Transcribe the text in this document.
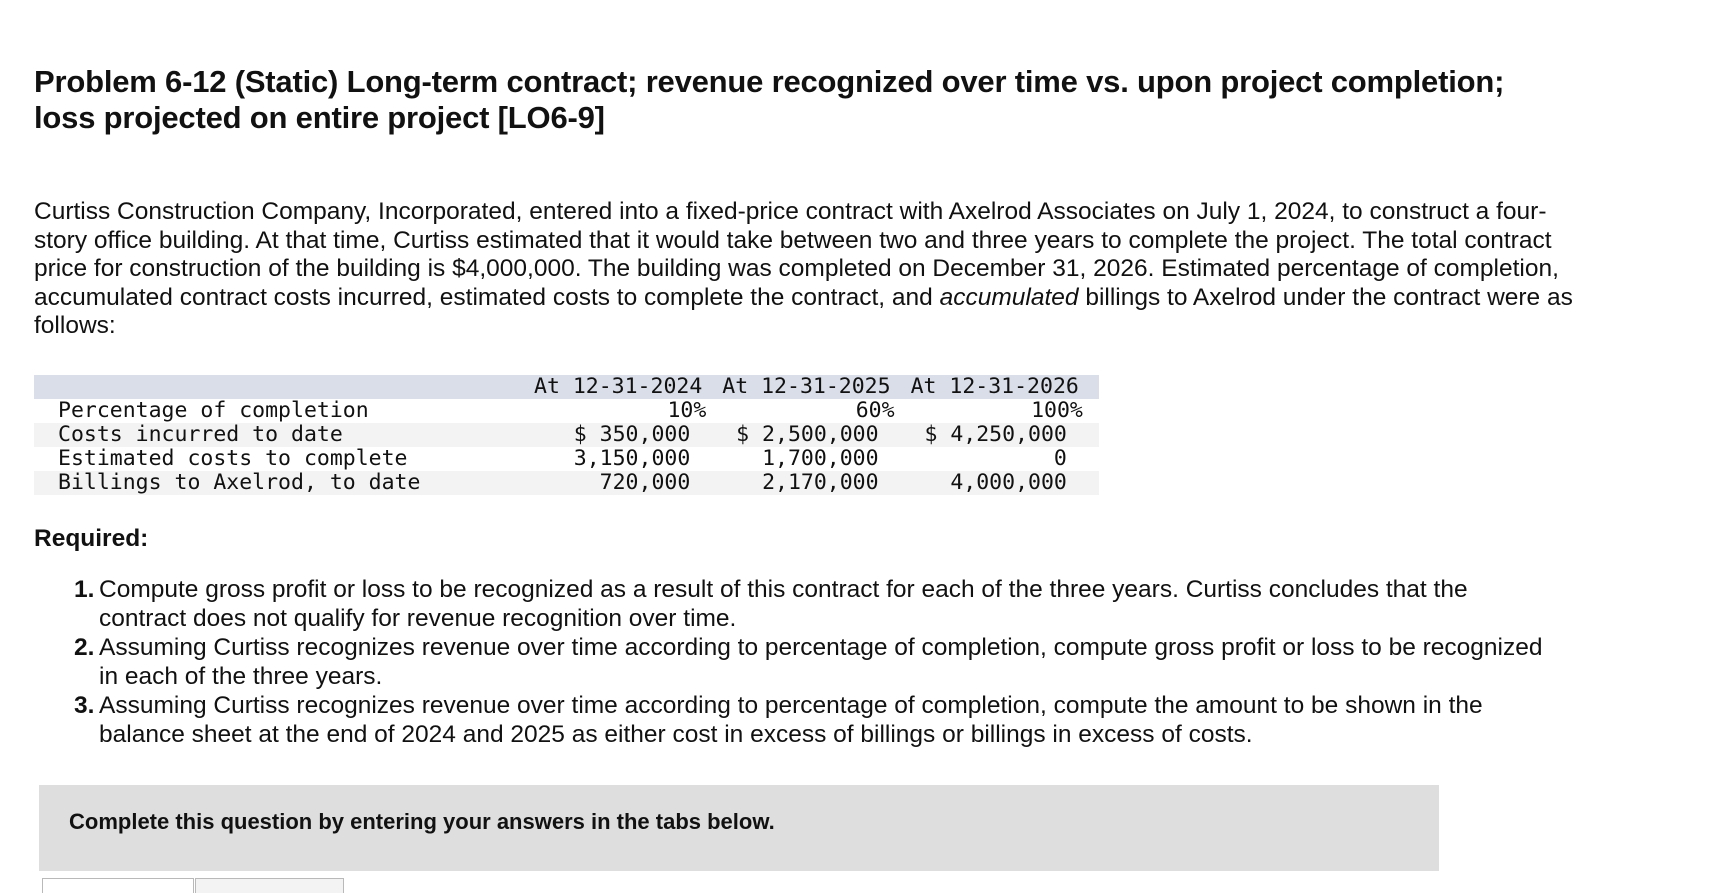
Problem 6-12 (Static) Long-term contract; revenue recognized over time vs. upon project completion;
loss projected on entire project [LO6-9]

Curtiss Construction Company, Incorporated, entered into a fixed-price contract with Axelrod Associates on July 1, 2024, to construct a four-story office building. At that time, Curtiss estimated that it would take between two and three years to complete the project. The total contract price for construction of the building is $4,000,000. The building was completed on December 31, 2026. Estimated percentage of completion, accumulated contract costs incurred, estimated costs to complete the contract, and accumulated billings to Axelrod under the contract were as follows:

	At 12-31-2024	At 12-31-2025	At 12-31-2026
Percentage of completion	10%	60%	100%
Costs incurred to date	$ 350,000	$ 2,500,000	$ 4,250,000
Estimated costs to complete	3,150,000	1,700,000	0
Billings to Axelrod, to date	720,000	2,170,000	4,000,000

Required:

1. Compute gross profit or loss to be recognized as a result of this contract for each of the three years. Curtiss concludes that the contract does not qualify for revenue recognition over time.
2. Assuming Curtiss recognizes revenue over time according to percentage of completion, compute gross profit or loss to be recognized in each of the three years.
3. Assuming Curtiss recognizes revenue over time according to percentage of completion, compute the amount to be shown in the balance sheet at the end of 2024 and 2025 as either cost in excess of billings or billings in excess of costs.
Complete this question by entering your answers in the tabs below.
